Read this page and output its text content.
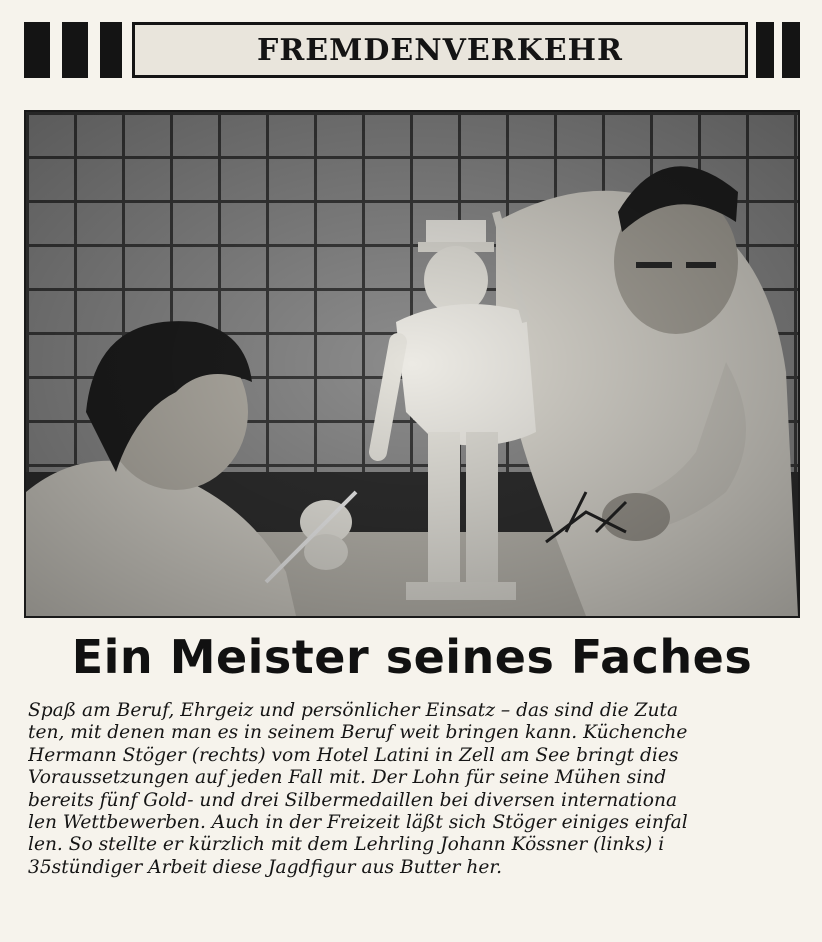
FREMDENVERKEHR
Ein Meister seines Faches
Spaß am Beruf, Ehrgeiz und persönlicher Einsatz – das sind die Zuta
ten, mit denen man es in seinem Beruf weit bringen kann. Küchenche
Hermann Stöger (rechts) vom Hotel Latini in Zell am See bringt dies
Voraussetzungen auf jeden Fall mit. Der Lohn für seine Mühen sind
bereits fünf Gold- und drei Silbermedaillen bei diversen internationa
len Wettbewerben. Auch in der Freizeit läßt sich Stöger einiges einfal
len. So stellte er kürzlich mit dem Lehrling Johann Kössner (links) i
35stündiger Arbeit diese Jagdfigur aus Butter her.
